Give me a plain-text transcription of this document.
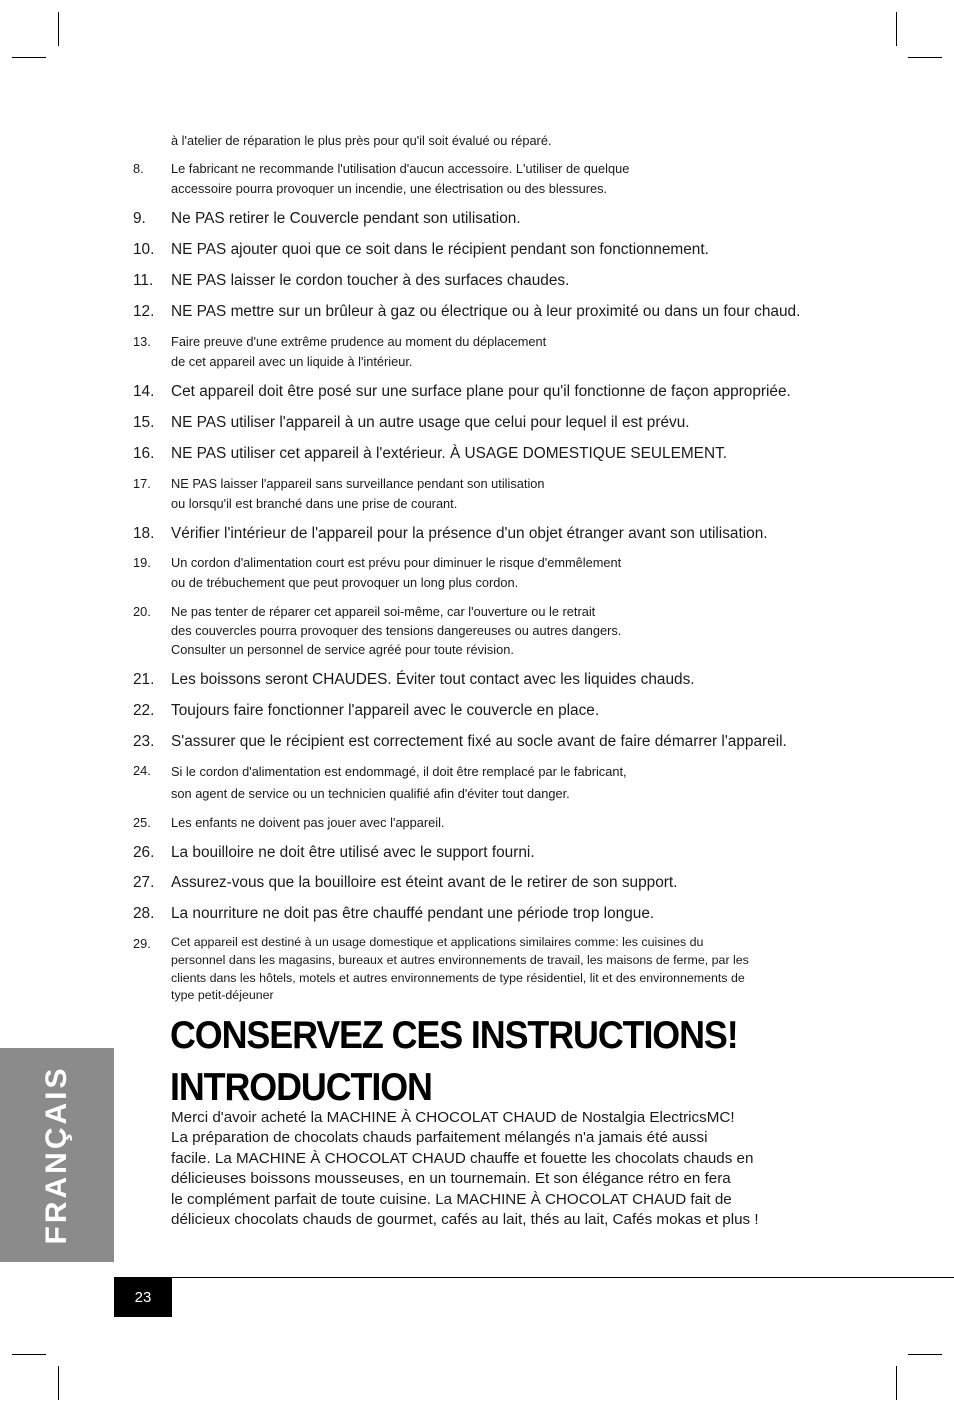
à l'atelier de réparation le plus près pour qu'il soit évalué ou réparé.
8. Le fabricant ne recommande l'utilisation d'aucun accessoire. L'utiliser de quelque
accessoire pourra provoquer un incendie, une électrisation ou des blessures.
9. Ne PAS retirer le Couvercle pendant son utilisation.
10. NE PAS ajouter quoi que ce soit dans le récipient pendant son fonctionnement.
11. NE PAS laisser le cordon toucher à des surfaces chaudes.
12. NE PAS mettre sur un brûleur à gaz ou électrique ou à leur proximité ou dans un four chaud.
13. Faire preuve d'une extrême prudence au moment du déplacement
de cet appareil avec un liquide à l'intérieur.
14. Cet appareil doit être posé sur une surface plane pour qu'il fonctionne de façon appropriée.
15. NE PAS utiliser l'appareil à un autre usage que celui pour lequel il est prévu.
16. NE PAS utiliser cet appareil à l'extérieur. À USAGE DOMESTIQUE SEULEMENT.
17. NE PAS laisser l'appareil sans surveillance pendant son utilisation
ou lorsqu'il est branché dans une prise de courant.
18. Vérifier l'intérieur de l'appareil pour la présence d'un objet étranger avant son utilisation.
19. Un cordon d'alimentation court est prévu pour diminuer le risque d'emmêlement
ou de trébuchement que peut provoquer un long plus cordon.
20. Ne pas tenter de réparer cet appareil soi-même, car l'ouverture ou le retrait
des couvercles pourra provoquer des tensions dangereuses ou autres dangers.
Consulter un personnel de service agréé pour toute révision.
21. Les boissons seront CHAUDES. Éviter tout contact avec les liquides chauds.
22. Toujours faire fonctionner l'appareil avec le couvercle en place.
23. S'assurer que le récipient est correctement fixé au socle avant de faire démarrer l'appareil.
24. Si le cordon d'alimentation est endommagé, il doit être remplacé par le fabricant,
son agent de service ou un technicien qualifié afin d'éviter tout danger.
25. Les enfants ne doivent pas jouer avec l'appareil.
26. La bouilloire ne doit être utilisé avec le support fourni.
27. Assurez-vous que la bouilloire est éteint avant de le retirer de son support.
28. La nourriture ne doit pas être chauffé pendant une période trop longue.
29. Cet appareil est destiné à un usage domestique et applications similaires comme: les cuisines du
personnel dans les magasins, bureaux et autres environnements de travail, les maisons de ferme, par les
clients dans les hôtels, motels et autres environnements de type résidentiel, lit et des environnements de
type petit-déjeuner
CONSERVEZ CES INSTRUCTIONS!
INTRODUCTION
Merci d'avoir acheté la MACHINE À CHOCOLAT CHAUD de Nostalgia ElectricsMC!
La préparation de chocolats chauds parfaitement mélangés n'a jamais été aussi
facile. La MACHINE À CHOCOLAT CHAUD chauffe et fouette les chocolats chauds en
délicieuses boissons mousseuses, en un tournemain. Et son élégance rétro en fera
le complément parfait de toute cuisine. La MACHINE À CHOCOLAT CHAUD fait de
délicieux chocolats chauds de gourmet, cafés au lait, thés au lait, Cafés mokas et plus !
FRANÇAIS
23
